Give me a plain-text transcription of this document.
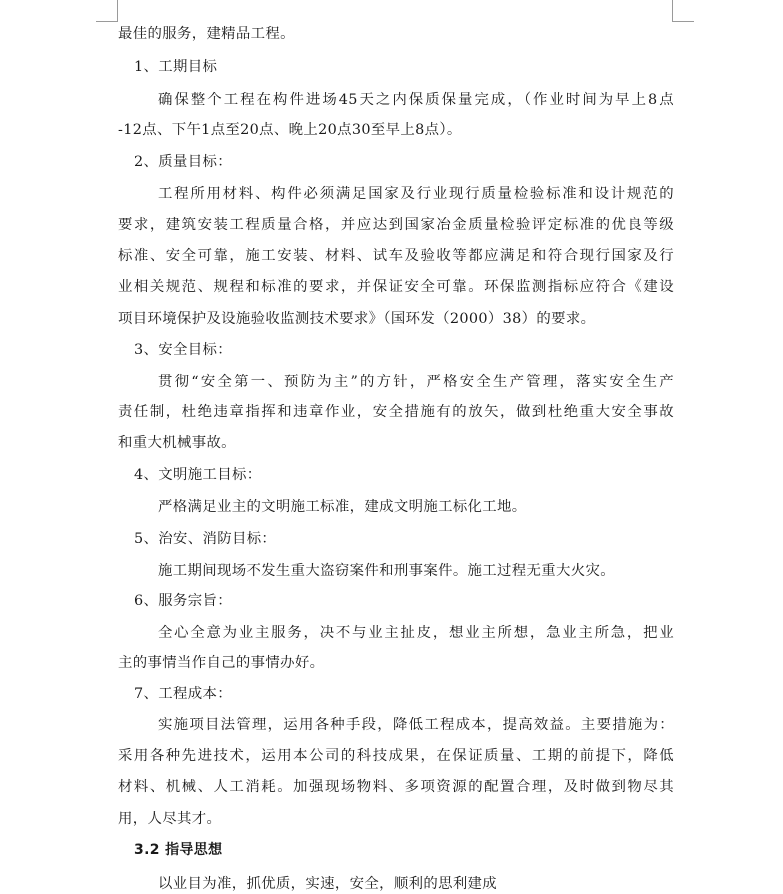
最佳的服务，建精品工程。
1、工期目标
确保整个工程在构件进场45天之内保质保量完成，（作业时间为早上8点
-12点、下午1点至20点、晚上20点30至早上8点）。
2、质量目标：
工程所用材料、构件必须满足国家及行业现行质量检验标准和设计规范的
要求，建筑安装工程质量合格，并应达到国家冶金质量检验评定标准的优良等级
标准、安全可靠，施工安装、材料、试车及验收等都应满足和符合现行国家及行
业相关规范、规程和标准的要求，并保证安全可靠。环保监测指标应符合《建设
项目环境保护及设施验收监测技术要求》（国环发（2000）38）的要求。
3、安全目标：
贯彻“安全第一、预防为主”的方针，严格安全生产管理，落实安全生产
责任制，杜绝违章指挥和违章作业，安全措施有的放矢，做到杜绝重大安全事故
和重大机械事故。
4、文明施工目标：
严格满足业主的文明施工标准，建成文明施工标化工地。
5、治安、消防目标：
施工期间现场不发生重大盗窃案件和刑事案件。施工过程无重大火灾。
6、服务宗旨：
全心全意为业主服务，决不与业主扯皮，想业主所想，急业主所急，把业
主的事情当作自己的事情办好。
7、工程成本：
实施项目法管理，运用各种手段，降低工程成本，提高效益。主要措施为：
采用各种先进技术，运用本公司的科技成果，在保证质量、工期的前提下，降低
材料、机械、人工消耗。加强现场物料、多项资源的配置合理，及时做到物尽其
用，人尽其才。
3.2 指导思想
以业目为准，抓优质，实速，安全，顺利的思利建成
